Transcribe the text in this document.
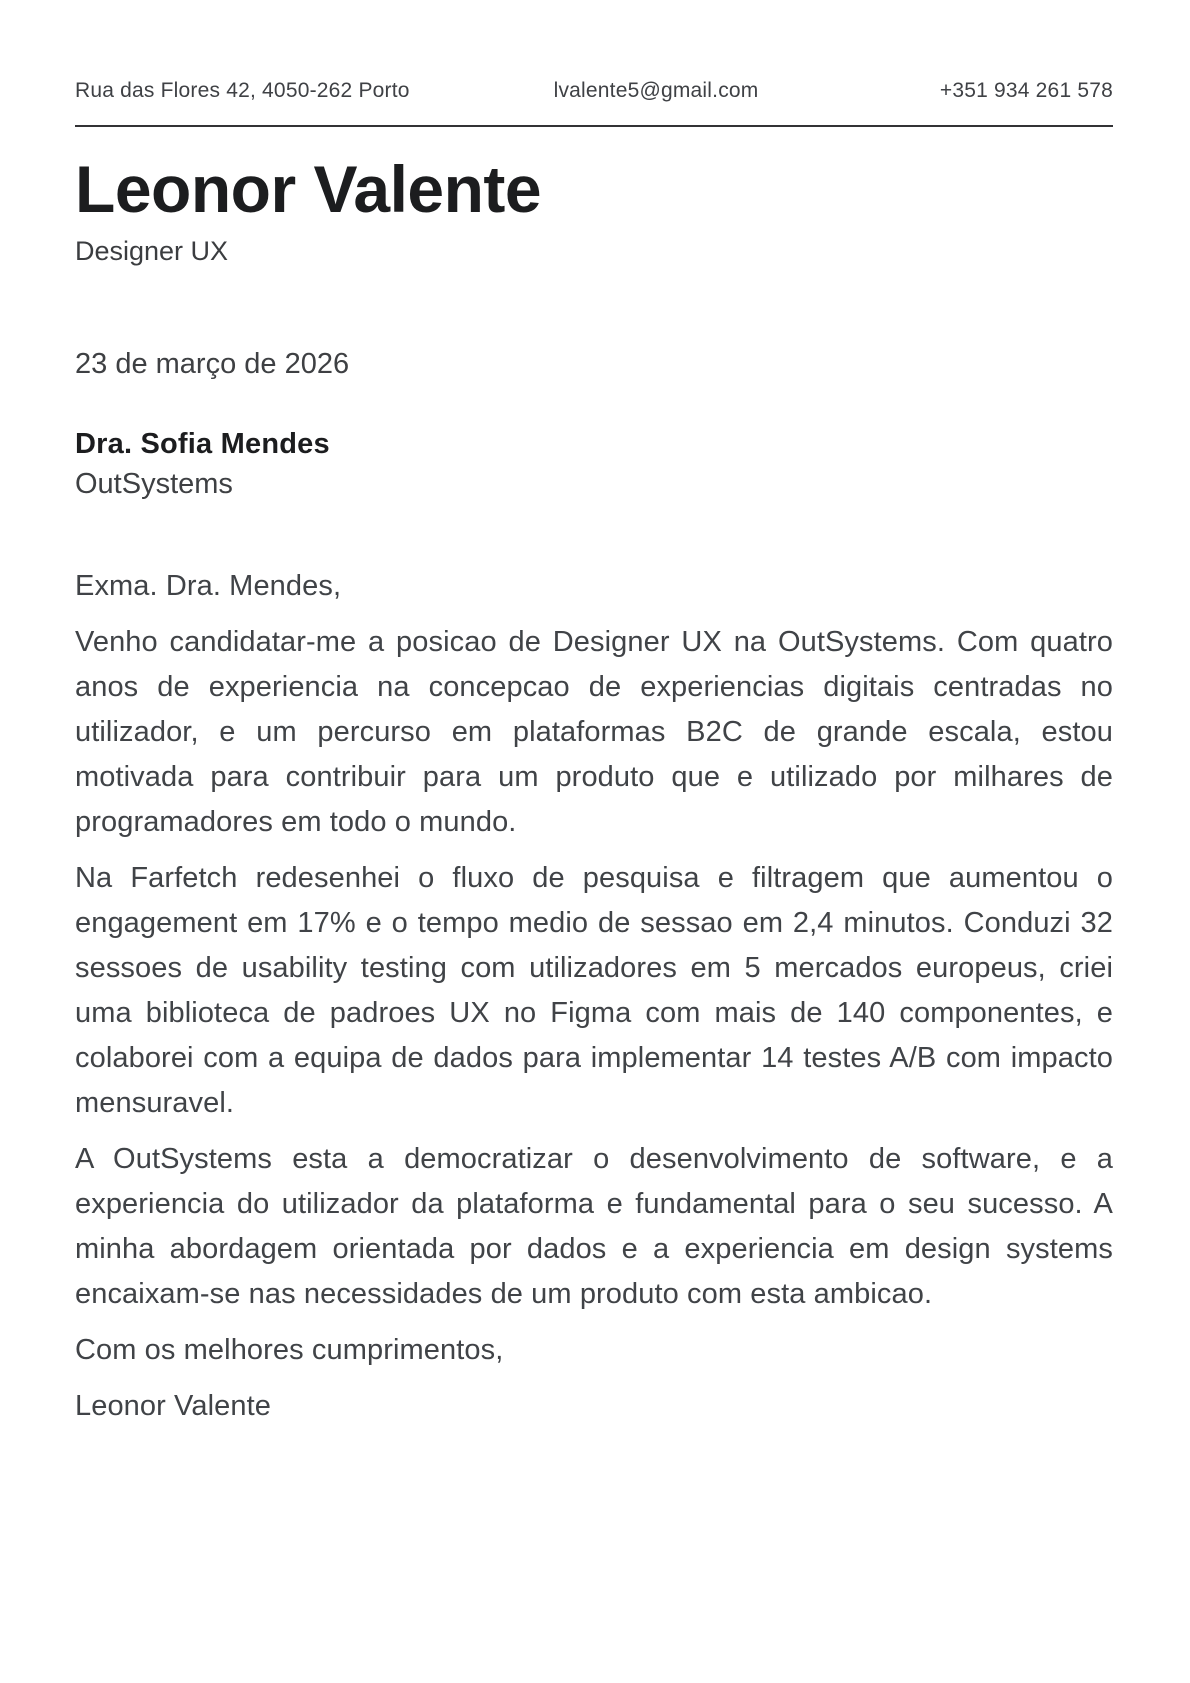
Rua das Flores 42, 4050-262 Porto	lvalente5@gmail.com	+351 934 261 578
Leonor Valente
Designer UX
23 de março de 2026
Dra. Sofia Mendes
OutSystems

Exma. Dra. Mendes,

Venho candidatar-me a posicao de Designer UX na OutSystems. Com quatro anos de experiencia na concepcao de experiencias digitais centradas no utilizador, e um percurso em plataformas B2C de grande escala, estou motivada para contribuir para um produto que e utilizado por milhares de programadores em todo o mundo.

Na Farfetch redesenhei o fluxo de pesquisa e filtragem que aumentou o engagement em 17% e o tempo medio de sessao em 2,4 minutos. Conduzi 32 sessoes de usability testing com utilizadores em 5 mercados europeus, criei uma biblioteca de padroes UX no Figma com mais de 140 componentes, e colaborei com a equipa de dados para implementar 14 testes A/B com impacto mensuravel.

A OutSystems esta a democratizar o desenvolvimento de software, e a experiencia do utilizador da plataforma e fundamental para o seu sucesso. A minha abordagem orientada por dados e a experiencia em design systems encaixam-se nas necessidades de um produto com esta ambicao.

Com os melhores cumprimentos,

Leonor Valente
